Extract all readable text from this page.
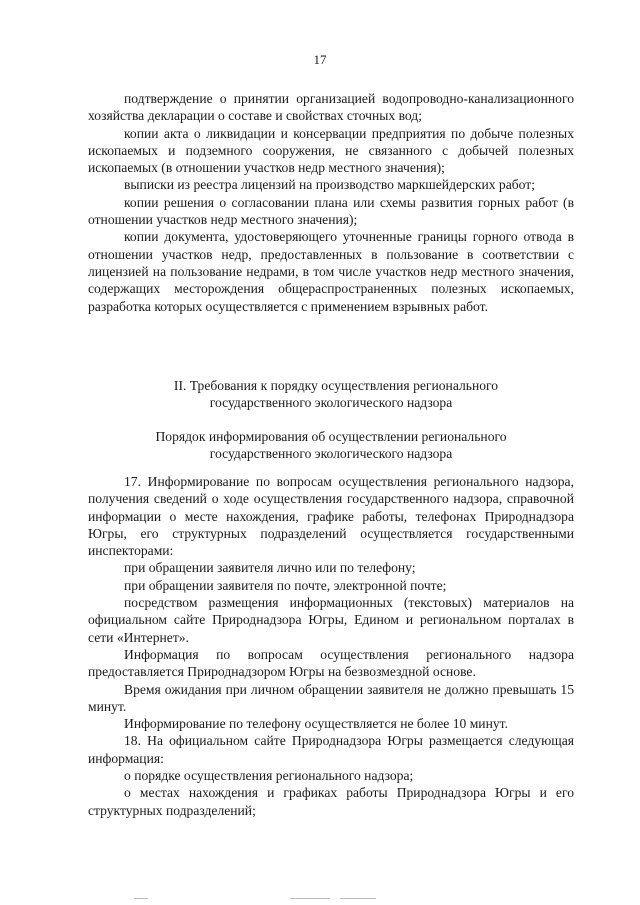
17

подтверждение о принятии организацией водопроводно-канализационного хозяйства декларации о составе и свойствах сточных вод;

копии акта о ликвидации и консервации предприятия по добыче полезных ископаемых и подземного сооружения, не связанного с добычей полезных ископаемых (в отношении участков недр местного значения);

выписки из реестра лицензий на производство маркшейдерских работ;

копии решения о согласовании плана или схемы развития горных работ (в отношении участков недр местного значения);

копии документа, удостоверяющего уточненные границы горного отвода в отношении участков недр, предоставленных в пользование в соответствии с лицензией на пользование недрами, в том числе участков недр местного значения, содержащих месторождения общераспространенных полезных ископаемых, разработка которых осуществляется с применением взрывных работ.

II. Требования к порядку осуществления регионального
государственного экологического надзора
Порядок информирования об осуществлении регионального
государственного экологического надзора

17. Информирование по вопросам осуществления регионального надзора, получения сведений о ходе осуществления государственного надзора, справочной информации о месте нахождения, графике работы, телефонах Природнадзора Югры, его структурных подразделений осуществляется государственными инспекторами:

при обращении заявителя лично или по телефону;

при обращении заявителя по почте, электронной почте;

посредством размещения информационных (текстовых) материалов на официальном сайте Природнадзора Югры, Едином и региональном порталах в сети «Интернет».

Информация по вопросам осуществления регионального надзора предоставляется Природнадзором Югры на безвозмездной основе.

Время ожидания при личном обращении заявителя не должно превышать 15 минут.

Информирование по телефону осуществляется не более 10 минут.

18. На официальном сайте Природнадзора Югры размещается следующая информация:

о порядке осуществления регионального надзора;

о местах нахождения и графиках работы Природнадзора Югры и его структурных подразделений;
